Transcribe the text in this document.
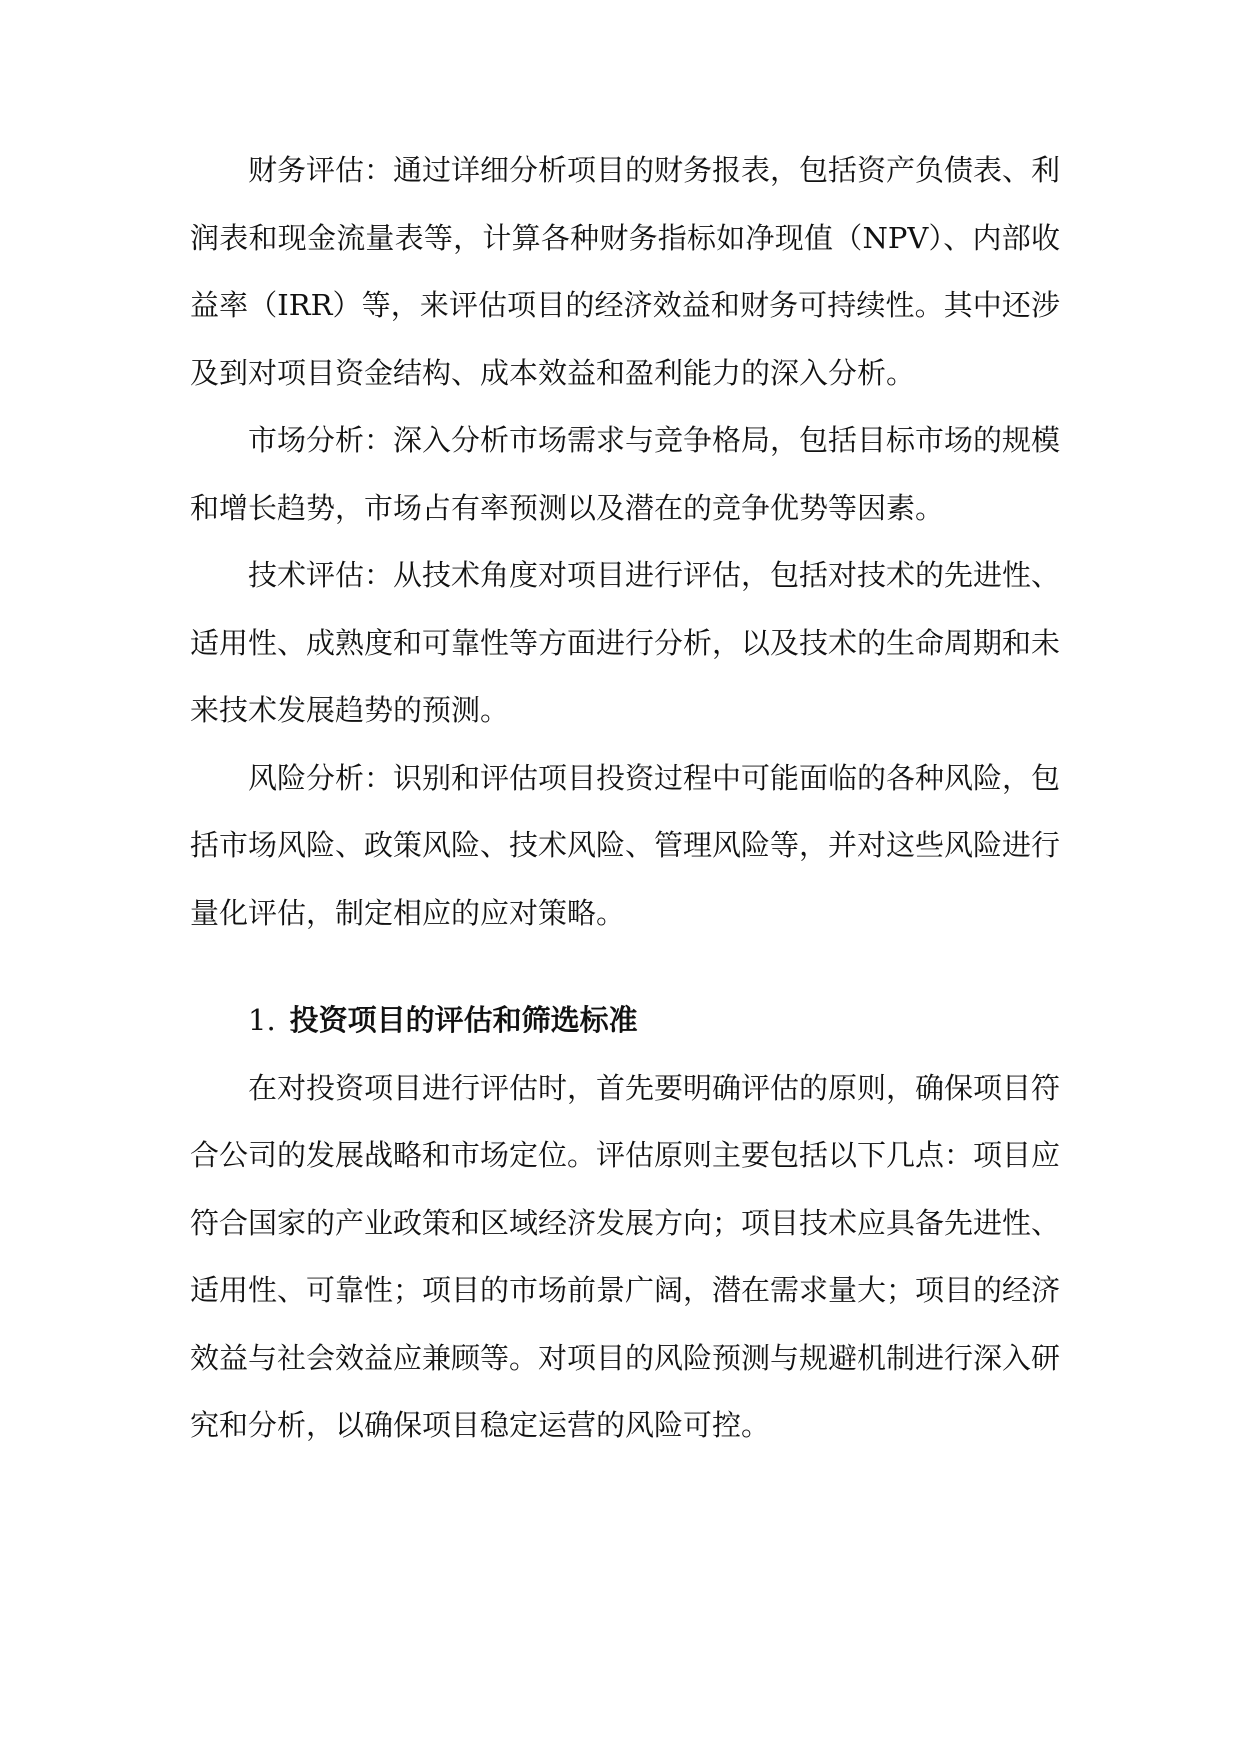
财务评估：通过详细分析项目的财务报表，包括资产负债表、利润表和现金流量表等，计算各种财务指标如净现值（NPV）、内部收益率（IRR）等，来评估项目的经济效益和财务可持续性。其中还涉及到对项目资金结构、成本效益和盈利能力的深入分析。

市场分析：深入分析市场需求与竞争格局，包括目标市场的规模和增长趋势，市场占有率预测以及潜在的竞争优势等因素。

技术评估：从技术角度对项目进行评估，包括对技术的先进性、适用性、成熟度和可靠性等方面进行分析，以及技术的生命周期和未来技术发展趋势的预测。

风险分析：识别和评估项目投资过程中可能面临的各种风险，包括市场风险、政策风险、技术风险、管理风险等，并对这些风险进行量化评估，制定相应的应对策略。

1. 投资项目的评估和筛选标准

在对投资项目进行评估时，首先要明确评估的原则，确保项目符合公司的发展战略和市场定位。评估原则主要包括以下几点：项目应符合国家的产业政策和区域经济发展方向；项目技术应具备先进性、适用性、可靠性；项目的市场前景广阔，潜在需求量大；项目的经济效益与社会效益应兼顾等。对项目的风险预测与规避机制进行深入研究和分析，以确保项目稳定运营的风险可控。
